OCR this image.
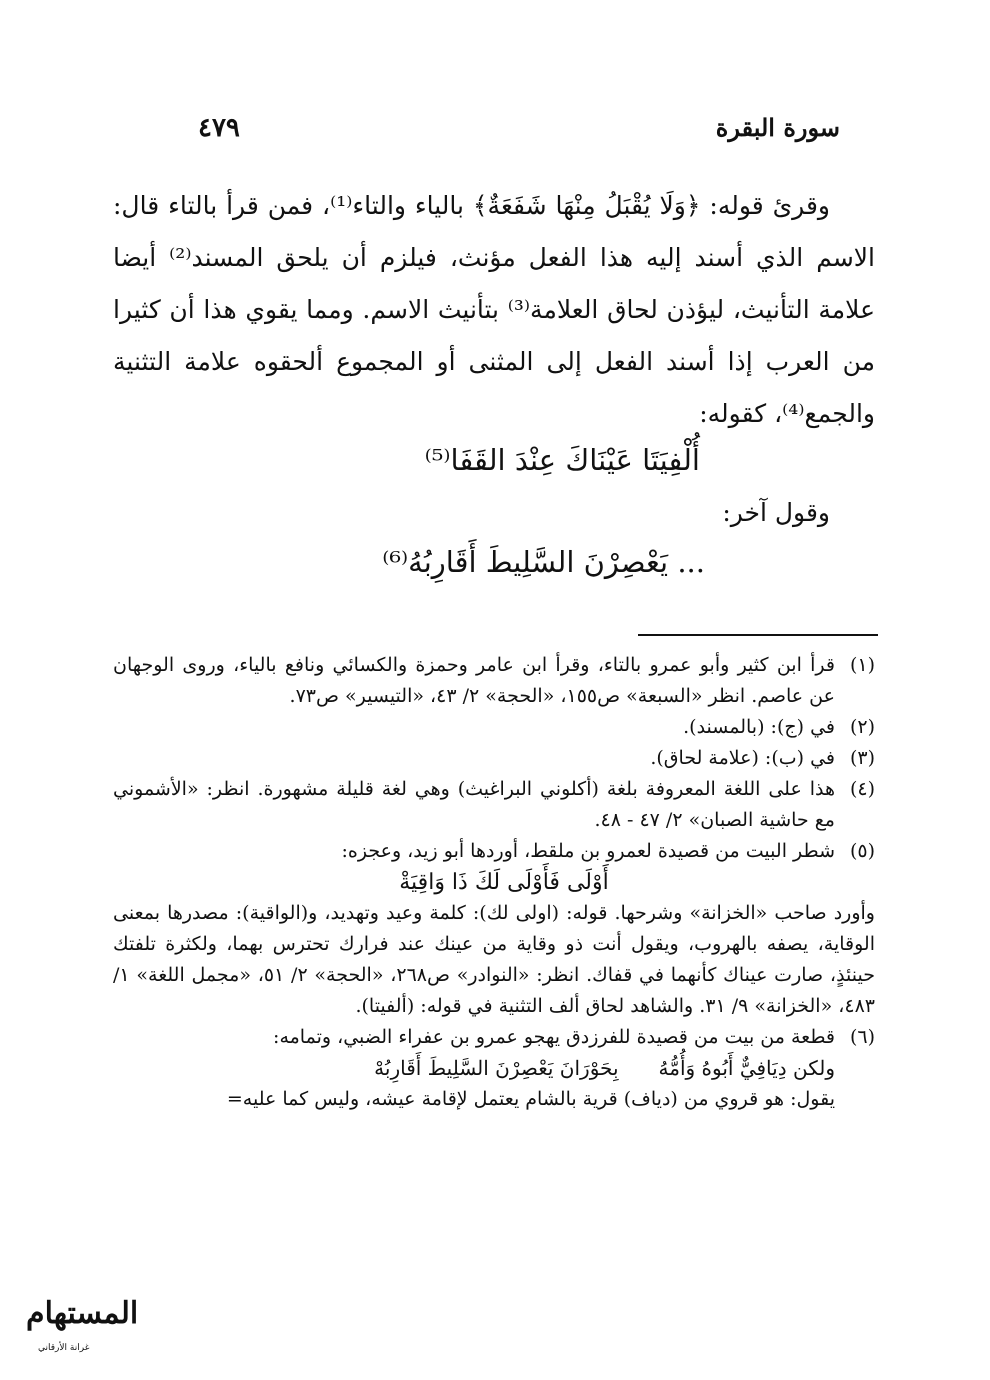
سورة البقرة
٤٧٩

وقرئ قوله: ﴿وَلَا يُقْبَلُ مِنْهَا شَفَعَةٌ﴾ بالياء والتاء⁽¹⁾، فمن قرأ بالتاء قال: الاسم الذي أسند إليه هذا الفعل مؤنث، فيلزم أن يلحق المسند⁽²⁾ أيضا علامة التأنيث، ليؤذن لحاق العلامة⁽³⁾ بتأنيث الاسم. ومما يقوي هذا أن كثيرا من العرب إذا أسند الفعل إلى المثنى أو المجموع ألحقوه علامة التثنية والجمع⁽⁴⁾، كقوله:

أُلْفِيَتَا عَيْنَاكَ عِنْدَ القَفَا⁽⁵⁾
وقول آخر:
... يَعْصِرْنَ السَّلِيطَ أَقَارِبُهُ⁽⁶⁾
(١)
قرأ ابن كثير وأبو عمرو بالتاء، وقرأ ابن عامر وحمزة والكسائي ونافع بالياء، وروى الوجهان عن عاصم. انظر «السبعة» ص١٥٥، «الحجة» ٢/ ٤٣، «التيسير» ص٧٣.
(٢)
في (ج): (بالمسند).
(٣)
في (ب): (علامة لحاق).
(٤)
هذا على اللغة المعروفة بلغة (أكلوني البراغيث) وهي لغة قليلة مشهورة. انظر: «الأشموني مع حاشية الصبان» ٢/ ٤٧ - ٤٨.
(٥)
شطر البيت من قصيدة لعمرو بن ملقط، أوردها أبو زيد، وعجزه:
أَوْلَى فَأَوْلَى لَكَ ذَا وَاقِيَةْ

وأورد صاحب «الخزانة» وشرحها. قوله: (اولى لك): كلمة وعيد وتهديد، و(الواقية): مصدرها بمعنى الوقاية، يصفه بالهروب، ويقول أنت ذو وقاية من عينك عند فرارك تحترس بهما، ولكثرة تلفتك حينئذٍ، صارت عيناك كأنهما في قفاك. انظر: «النوادر» ص٢٦٨، «الحجة» ٢/ ٥١، «مجمل اللغة» ١/ ٤٨٣، «الخزانة» ٩/ ٣١. والشاهد لحاق ألف التثنية في قوله: (ألفيتا).

(٦)
قطعة من بيت من قصيدة للفرزدق يهجو عمرو بن عفراء الضبي، وتمامه:
ولكن دِيَافِيٌّ أَبُوهُ وَأُمُّهُ
بِحَوْرَانَ يَعْصِرْنَ السَّلِيطَ أَقَارِبُهْ
يقول: هو قروي من (دياف) قرية بالشام يعتمل لإقامة عيشه، وليس كما عليه=
المستهام
غرانة الأرقاني
